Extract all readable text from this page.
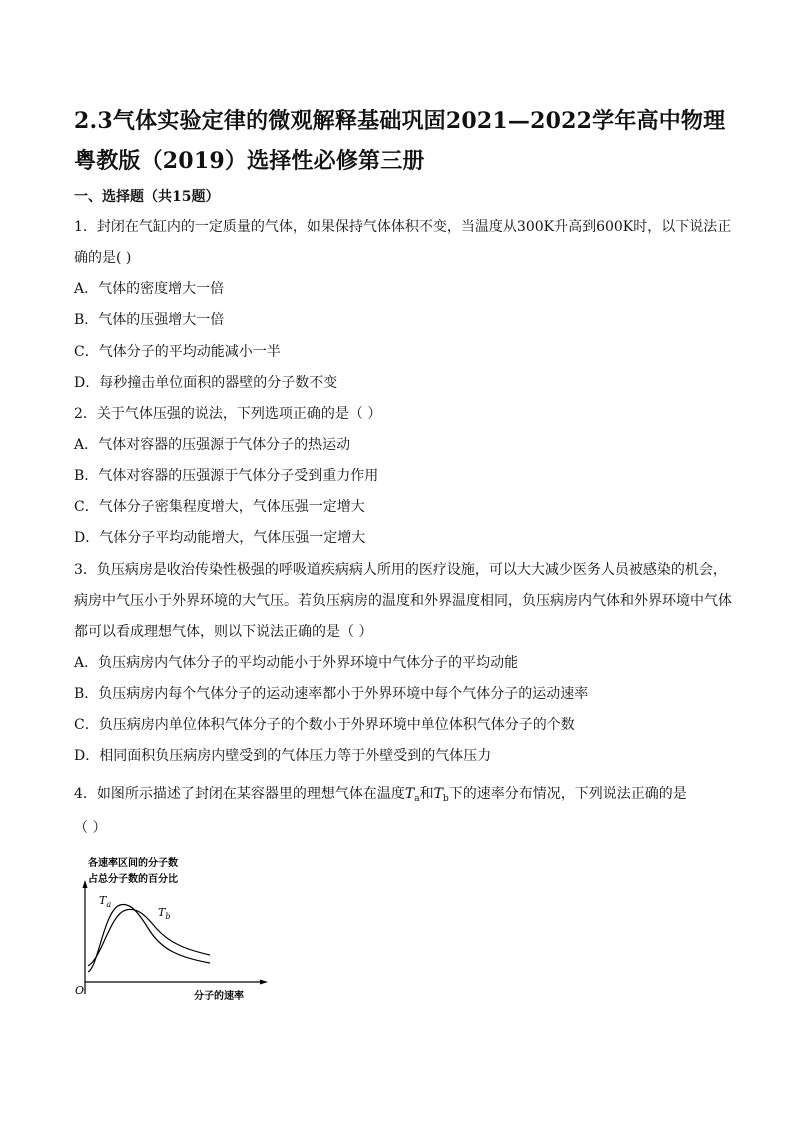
2.3气体实验定律的微观解释基础巩固2021—2022学年高中物理粤教版（2019）选择性必修第三册
一、选择题（共15题）
1．封闭在气缸内的一定质量的气体，如果保持气体体积不变，当温度从300K升高到600K时，以下说法正确的是( )
A．气体的密度增大一倍
B．气体的压强增大一倍
C．气体分子的平均动能减小一半
D．每秒撞击单位面积的器壁的分子数不变
2．关于气体压强的说法，下列选项正确的是（ ）
A．气体对容器的压强源于气体分子的热运动
B．气体对容器的压强源于气体分子受到重力作用
C．气体分子密集程度增大，气体压强一定增大
D．气体分子平均动能增大，气体压强一定增大
3．负压病房是收治传染性极强的呼吸道疾病病人所用的医疗设施，可以大大减少医务人员被感染的机会，病房中气压小于外界环境的大气压。若负压病房的温度和外界温度相同，负压病房内气体和外界环境中气体都可以看成理想气体，则以下说法正确的是（ ）
A．负压病房内气体分子的平均动能小于外界环境中气体分子的平均动能
B．负压病房内每个气体分子的运动速率都小于外界环境中每个气体分子的运动速率
C．负压病房内单位体积气体分子的个数小于外界环境中单位体积气体分子的个数
D．相同面积负压病房内壁受到的气体压力等于外壁受到的气体压力
4．如图所示描述了封闭在某容器里的理想气体在温度$T_a$和$T_b$下的速率分布情况，下列说法正确的是
（ ）
各速率区间的分子数
占总分子数的百分比
$T_a$
$T_b$
O	分子的速率
